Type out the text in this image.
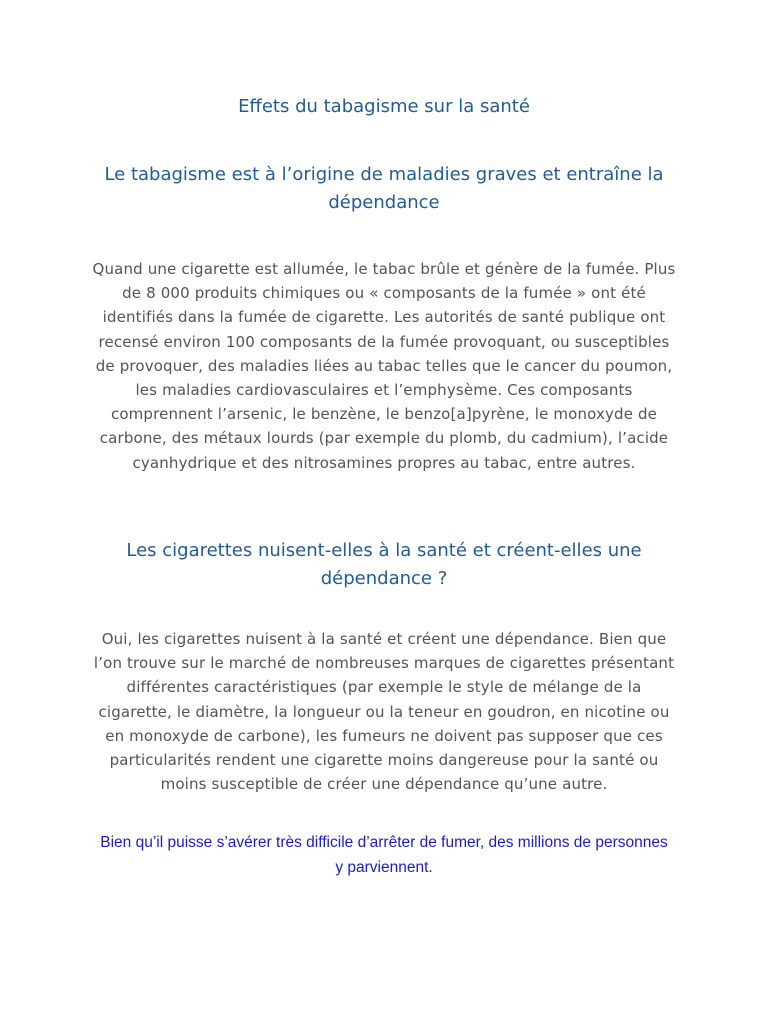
Effets du tabagisme sur la santé
Le tabagisme est à l’origine de maladies graves et entraîne la dépendance

Quand une cigarette est allumée, le tabac brûle et génère de la fumée. Plus de 8 000 produits chimiques ou « composants de la fumée » ont été identifiés dans la fumée de cigarette. Les autorités de santé publique ont recensé environ 100 composants de la fumée provoquant, ou susceptibles de provoquer, des maladies liées au tabac telles que le cancer du poumon, les maladies cardiovasculaires et l’emphysème. Ces composants comprennent l’arsenic, le benzène, le benzo[a]pyrène, le monoxyde de carbone, des métaux lourds (par exemple du plomb, du cadmium), l’acide cyanhydrique et des nitrosamines propres au tabac, entre autres.

Les cigarettes nuisent-elles à la santé et créent-elles une dépendance ?

Oui, les cigarettes nuisent à la santé et créent une dépendance. Bien que l’on trouve sur le marché de nombreuses marques de cigarettes présentant différentes caractéristiques (par exemple le style de mélange de la cigarette, le diamètre, la longueur ou la teneur en goudron, en nicotine ou en monoxyde de carbone), les fumeurs ne doivent pas supposer que ces particularités rendent une cigarette moins dangereuse pour la santé ou moins susceptible de créer une dépendance qu’une autre.

Bien qu’il puisse s’avérer très difficile d’arrêter de fumer, des millions de personnes y parviennent.
